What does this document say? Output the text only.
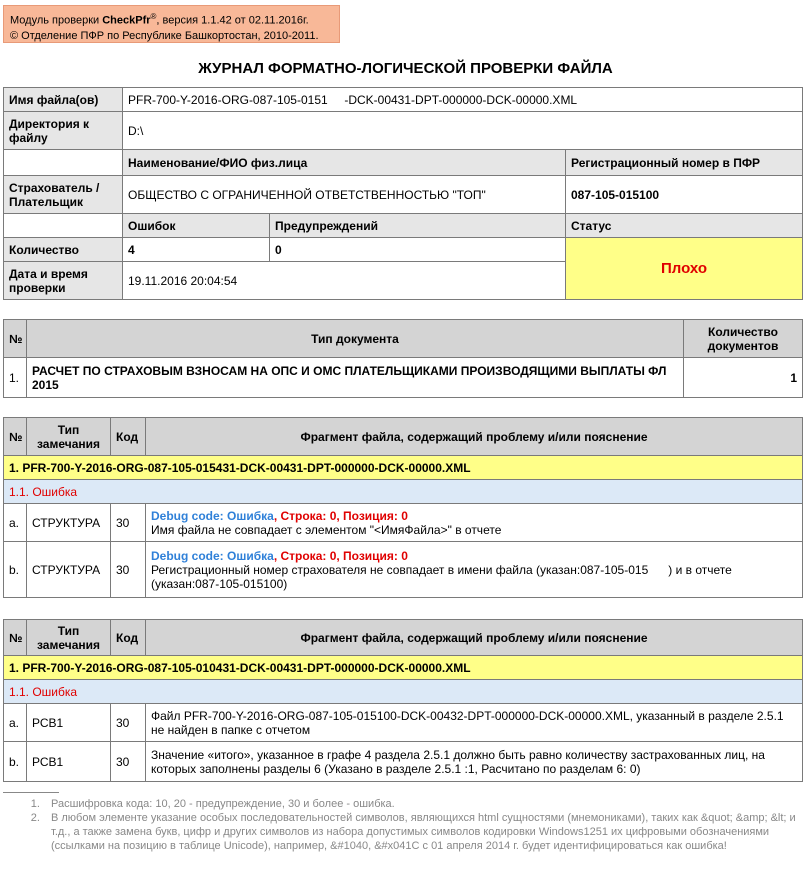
Модуль проверки CheckPfr®, версия 1.1.42 от 02.11.2016г.
© Отделение ПФР по Республике Башкортостан, 2010-2011.
ЖУРНАЛ ФОРМАТНО-ЛОГИЧЕСКОЙ ПРОВЕРКИ ФАЙЛА
Имя файла(ов)	PFR-700-Y-2016-ORG-087-105-0151     -DCK-00431-DPT-000000-DCK-00000.XML		
Директория к файлу	D:\		
	Наименование/ФИО физ.лица		Регистрационный номер в ПФР
Страхователь / Плательщик	ОБЩЕСТВО С ОГРАНИЧЕННОЙ ОТВЕТСТВЕННОСТЬЮ "ТОП"		087-105-015100
	Ошибок	Предупреждений	Статус
Количество	4	0	Плохо
Дата и время проверки	19.11.2016 20:04:54		
№	Тип документа	Количество документов
1.	РАСЧЕТ ПО СТРАХОВЫМ ВЗНОСАМ НА ОПС И ОМС ПЛАТЕЛЬЩИКАМИ ПРОИЗВОДЯЩИМИ ВЫПЛАТЫ ФЛ 2015	1
№	Тип замечания	Код	Фрагмент файла, содержащий проблему и/или пояснение
1. PFR-700-Y-2016-ORG-087-105-015431-DCK-00431-DPT-000000-DCK-00000.XML			
1.1. Ошибка			
a.	СТРУКТУРА	30	Debug code: Ошибка, Строка: 0, Позиция: 0
Имя файла не совпадает с элементом "<ИмяФайла>" в отчете

b.	СТРУКТУРА	30	Debug code: Ошибка, Строка: 0, Позиция: 0
Регистрационный номер страхователя не совпадает в имени файла (указан:087-105-015      ) и в отчете (указан:087-105-015100)
№	Тип замечания	Код	Фрагмент файла, содержащий проблему и/или пояснение
1. PFR-700-Y-2016-ORG-087-105-010431-DCK-00431-DPT-000000-DCK-00000.XML			
1.1. Ошибка			
a.	РСВ1	30	Файл PFR-700-Y-2016-ORG-087-105-015100-DCK-00432-DPT-000000-DCK-00000.XML, указанный в разделе 2.5.1 не найден в папке с отчетом
b.	РСВ1	30	Значение «итого», указанное в графе 4 раздела 2.5.1 должно быть равно количеству застрахованных лиц, на которых заполнены разделы 6 (Указано в разделе 2.5.1 :1, Расчитано по разделам 6: 0)
1. Расшифровка кода: 10, 20 - предупреждение, 30 и более - ошибка.
2. В любом элементе указание особых последовательностей символов, являющихся html сущностями (мнемониками), таких как &quot; &amp; &lt; и т.д., а также замена букв, цифр и других символов из набора допустимых символов кодировки Windows1251 их цифровыми обозначениями (ссылками на позицию в таблице Unicode), например, &#1040, &#x041C с 01 апреля 2014 г. будет идентифицироваться как ошибка!
